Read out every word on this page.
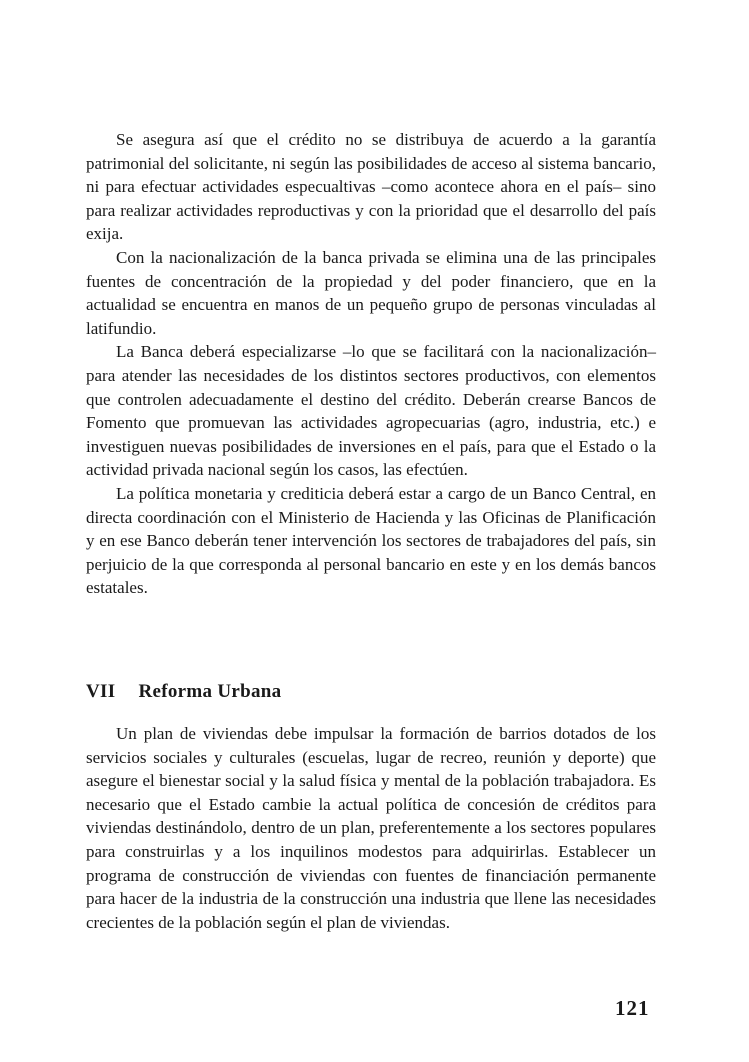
Se asegura así que el crédito no se distribuya de acuerdo a la garantía patrimonial del solicitante, ni según las posibilidades de acceso al sistema bancario, ni para efectuar actividades especualtivas –como acontece ahora en el país– sino para realizar actividades reproductivas y con la prioridad que el desarrollo del país exija.

Con la nacionalización de la banca privada se elimina una de las principales fuentes de concentración de la propiedad y del poder financiero, que en la actualidad se encuentra en manos de un pequeño grupo de personas vinculadas al latifundio.

La Banca deberá especializarse –lo que se facilitará con la nacionalización– para atender las necesidades de los distintos sectores productivos, con elementos que controlen adecuadamente el destino del crédito. Deberán crearse Bancos de Fomento que promuevan las actividades agropecuarias (agro, industria, etc.) e investiguen nuevas posibilidades de inversiones en el país, para que el Estado o la actividad privada nacional según los casos, las efectúen.

La política monetaria y crediticia deberá estar a cargo de un Banco Central, en directa coordinación con el Ministerio de Hacienda y las Oficinas de Planificación y en ese Banco deberán tener intervención los sectores de trabajadores del país, sin perjuicio de la que corresponda al personal bancario en este y en los demás bancos estatales.

VII Reforma Urbana

Un plan de viviendas debe impulsar la formación de barrios dotados de los servicios sociales y culturales (escuelas, lugar de recreo, reunión y deporte) que asegure el bienestar social y la salud física y mental de la población trabajadora. Es necesario que el Estado cambie la actual política de concesión de créditos para viviendas destinándolo, dentro de un plan, preferentemente a los sectores populares para construirlas y a los inquilinos modestos para adquirirlas. Establecer un programa de construcción de viviendas con fuentes de financiación permanente para hacer de la industria de la construcción una industria que llene las necesidades crecientes de la población según el plan de viviendas.

121
